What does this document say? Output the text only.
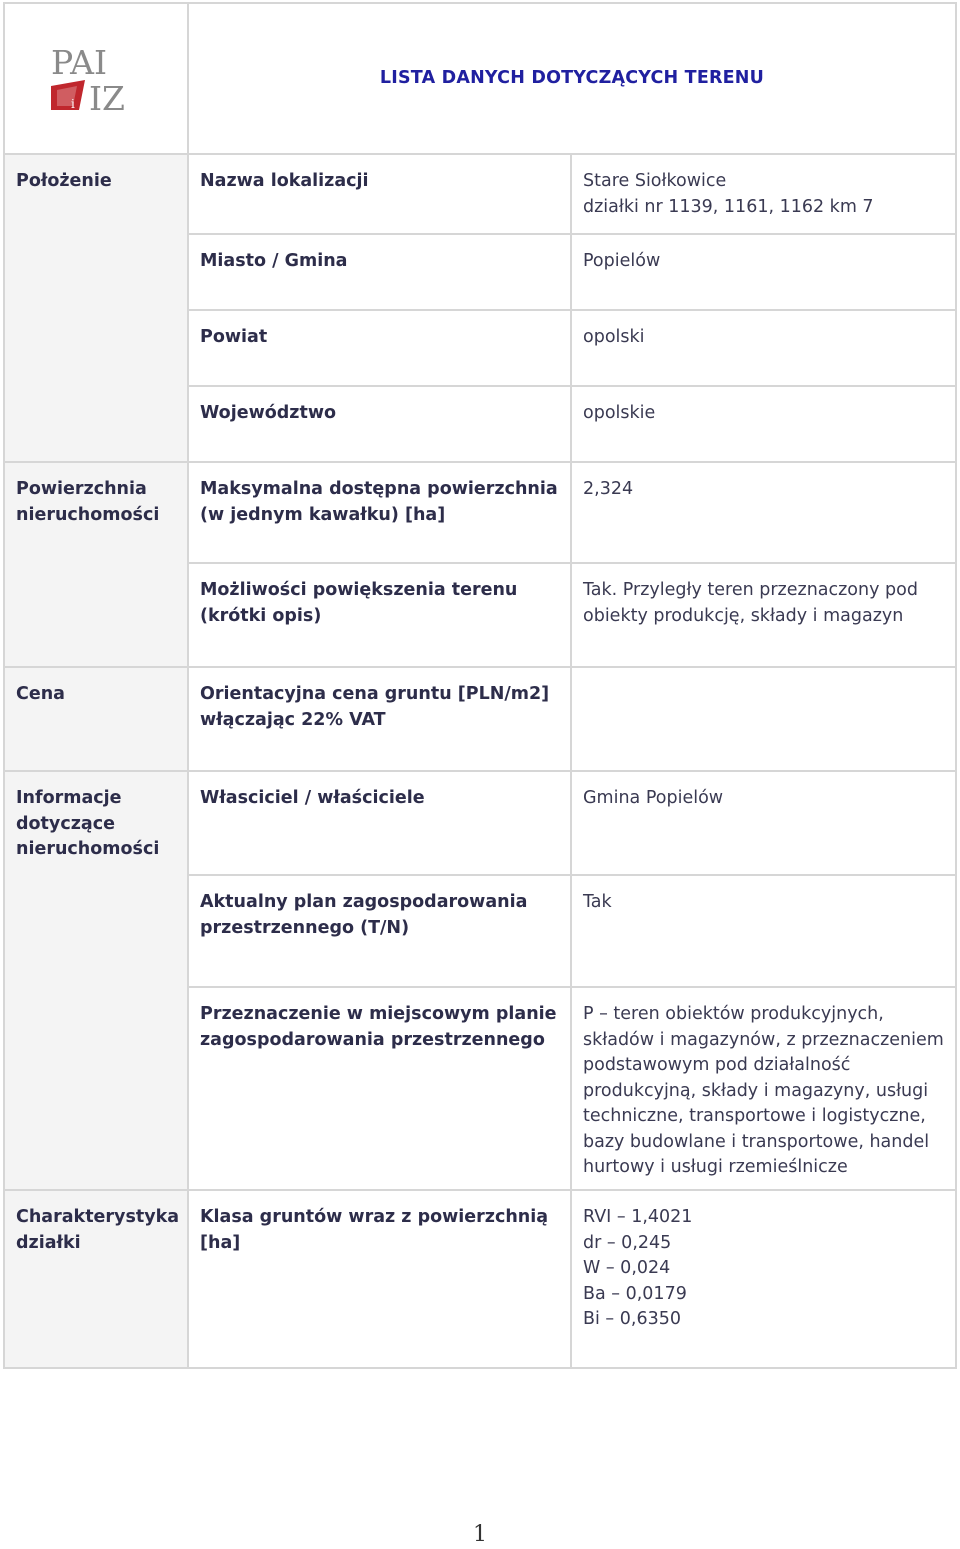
PAI
IZ
i	LISTA DANYCH DOTYCZĄCYCH TERENU	
Położenie	Nazwa lokalizacji	Stare Siołkowice
działki nr 1139, 1161, 1162 km 7
	Miasto / Gmina	Popielów
	Powiat	opolski
	Województwo	opolskie
Powierzchnia nieruchomości	Maksymalna dostępna powierzchnia (w jednym kawałku) [ha]	2,324
	Możliwości powiększenia terenu (krótki opis)	Tak. Przyległy teren przeznaczony pod obiekty produkcję, składy i magazyn
Cena	Orientacyjna cena gruntu [PLN/m2] włączając 22% VAT	
Informacje dotyczące nieruchomości	Własciciel / właściciele	Gmina Popielów
	Aktualny plan zagospodarowania przestrzennego (T/N)	Tak
	Przeznaczenie w miejscowym planie zagospodarowania przestrzennego	P – teren obiektów produkcyjnych, składów i magazynów, z przeznaczeniem podstawowym pod działalność produkcyjną, składy i magazyny, usługi techniczne, transportowe i logistyczne, bazy budowlane i transportowe, handel hurtowy i usługi rzemieślnicze
Charakterystyka działki	Klasa gruntów wraz z powierzchnią [ha]	RVI – 1,4021
dr – 0,245
W – 0,024
Ba – 0,0179
Bi – 0,6350
1
